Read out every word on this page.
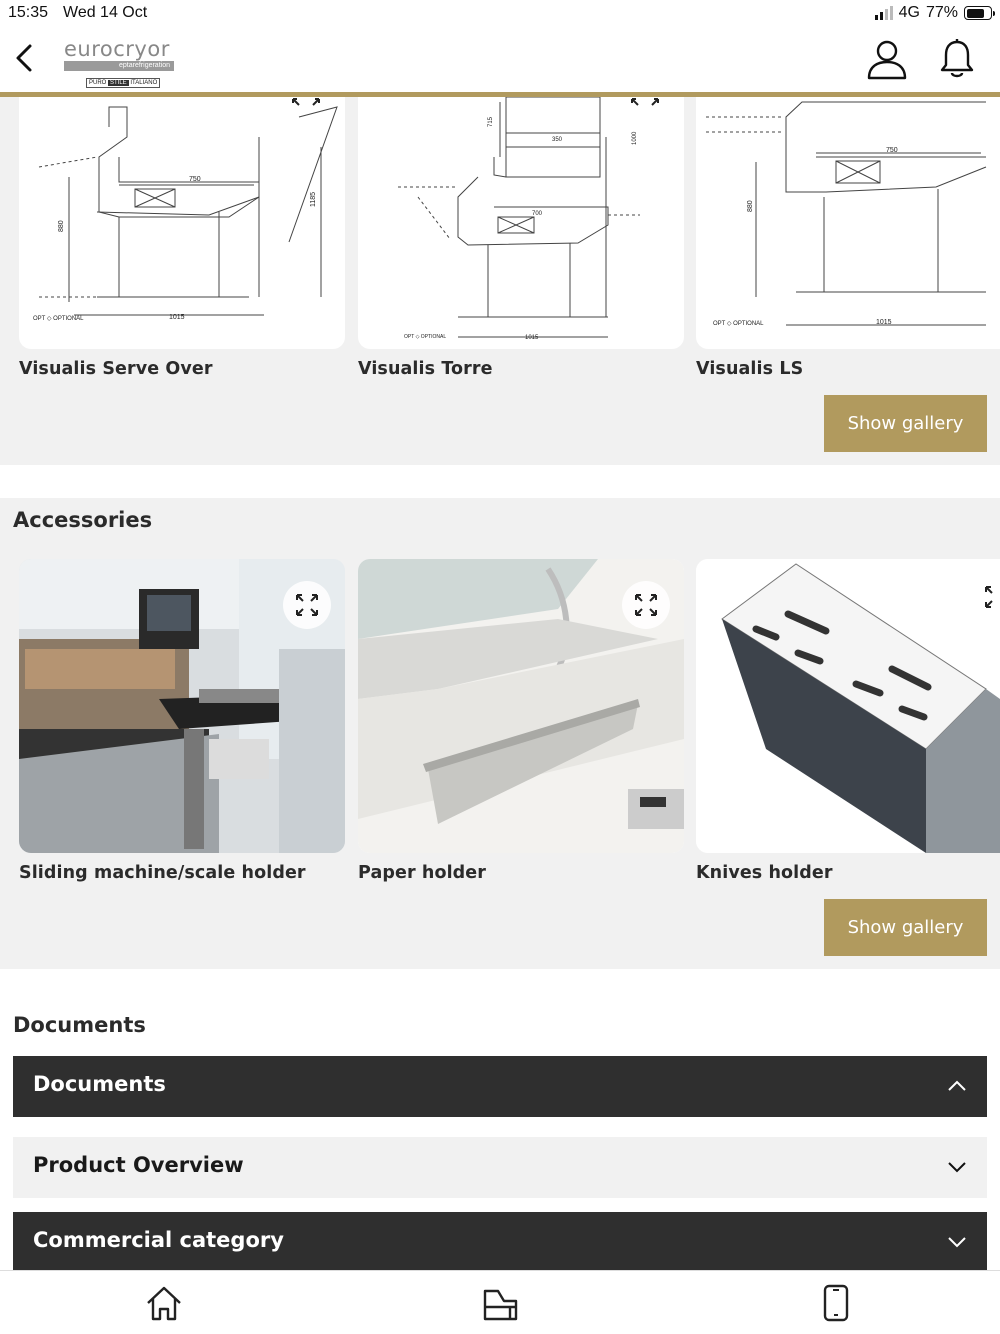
15:35 Wed 14 Oct	4G 77%
eurocryor
eptarefrigeration
PURO STILE ITALIANO
750
880
1185
1015
OPT ◇ OPTIONAL
Visualis Serve Over
350
700
1000
715
1015
OPT ◇ OPTIONAL
Visualis Torre
750
880
1015
OPT ◇ OPTIONAL
Visualis LS
Show gallery
Accessories
Sliding machine/scale holder	Paper holder	Knives holder
Show gallery
Documents
Documents
Product Overview
Commercial category
